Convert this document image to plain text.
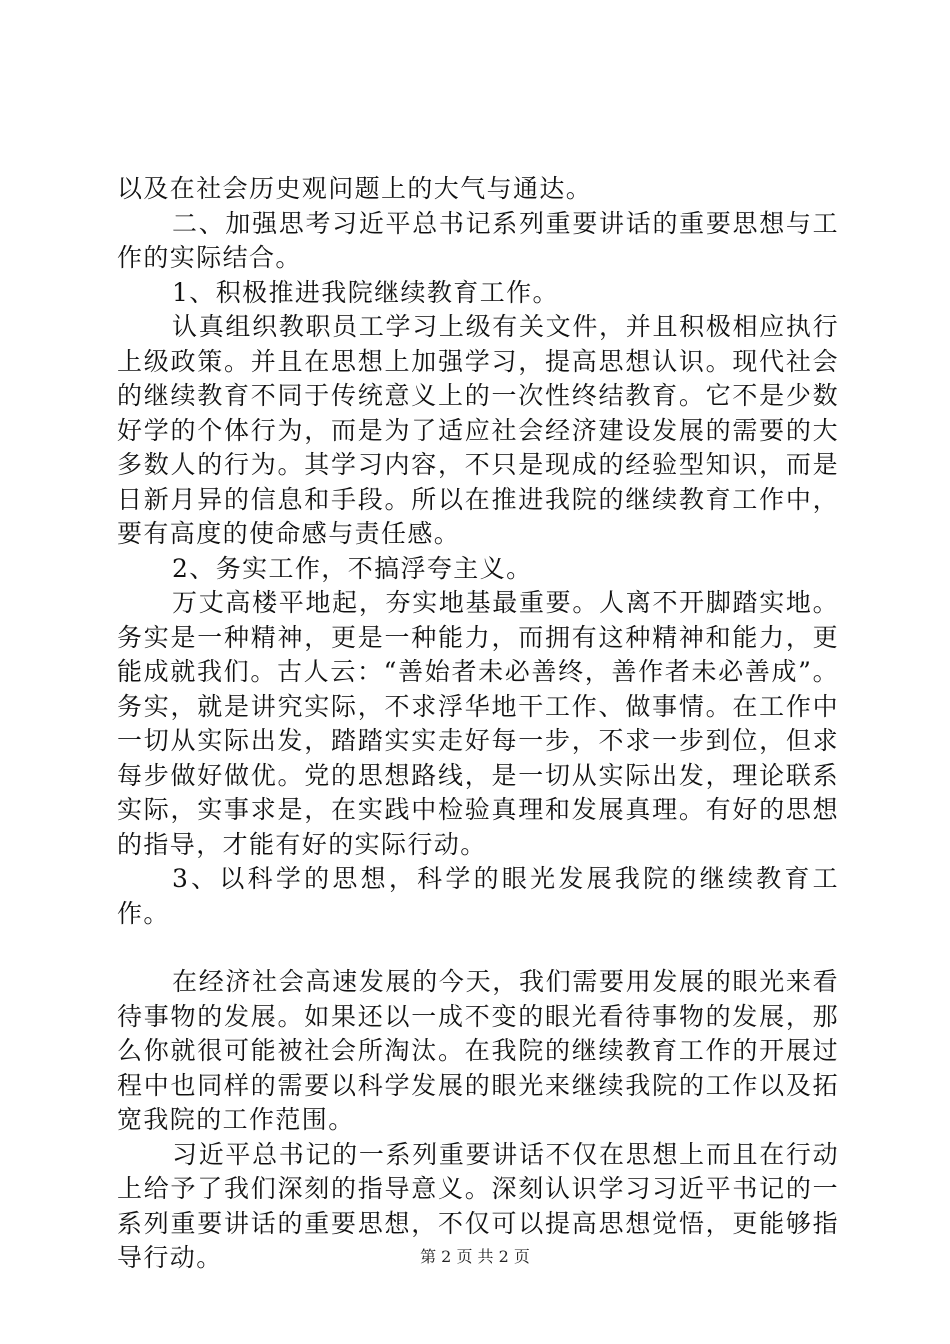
以及在社会历史观问题上的大气与通达。

二、加强思考习近平总书记系列重要讲话的重要思想与工作的实际结合。

1、积极推进我院继续教育工作。

认真组织教职员工学习上级有关文件，并且积极相应执行上级政策。并且在思想上加强学习，提高思想认识。现代社会的继续教育不同于传统意义上的一次性终结教育。它不是少数好学的个体行为，而是为了适应社会经济建设发展的需要的大多数人的行为。其学习内容，不只是现成的经验型知识，而是日新月异的信息和手段。所以在推进我院的继续教育工作中，要有高度的使命感与责任感。

2、务实工作，不搞浮夸主义。

万丈高楼平地起，夯实地基最重要。人离不开脚踏实地。务实是一种精神，更是一种能力，而拥有这种精神和能力，更能成就我们。古人云：“善始者未必善终，善作者未必善成”。务实，就是讲究实际，不求浮华地干工作、做事情。在工作中一切从实际出发，踏踏实实走好每一步，不求一步到位，但求每步做好做优。党的思想路线，是一切从实际出发，理论联系实际，实事求是，在实践中检验真理和发展真理。有好的思想的指导，才能有好的实际行动。

3、以科学的思想，科学的眼光发展我院的继续教育工作。

在经济社会高速发展的今天，我们需要用发展的眼光来看待事物的发展。如果还以一成不变的眼光看待事物的发展，那么你就很可能被社会所淘汰。在我院的继续教育工作的开展过程中也同样的需要以科学发展的眼光来继续我院的工作以及拓宽我院的工作范围。

习近平总书记的一系列重要讲话不仅在思想上而且在行动上给予了我们深刻的指导意义。深刻认识学习习近平书记的一系列重要讲话的重要思想，不仅可以提高思想觉悟，更能够指导行动。	第 2 页 共 2 页
